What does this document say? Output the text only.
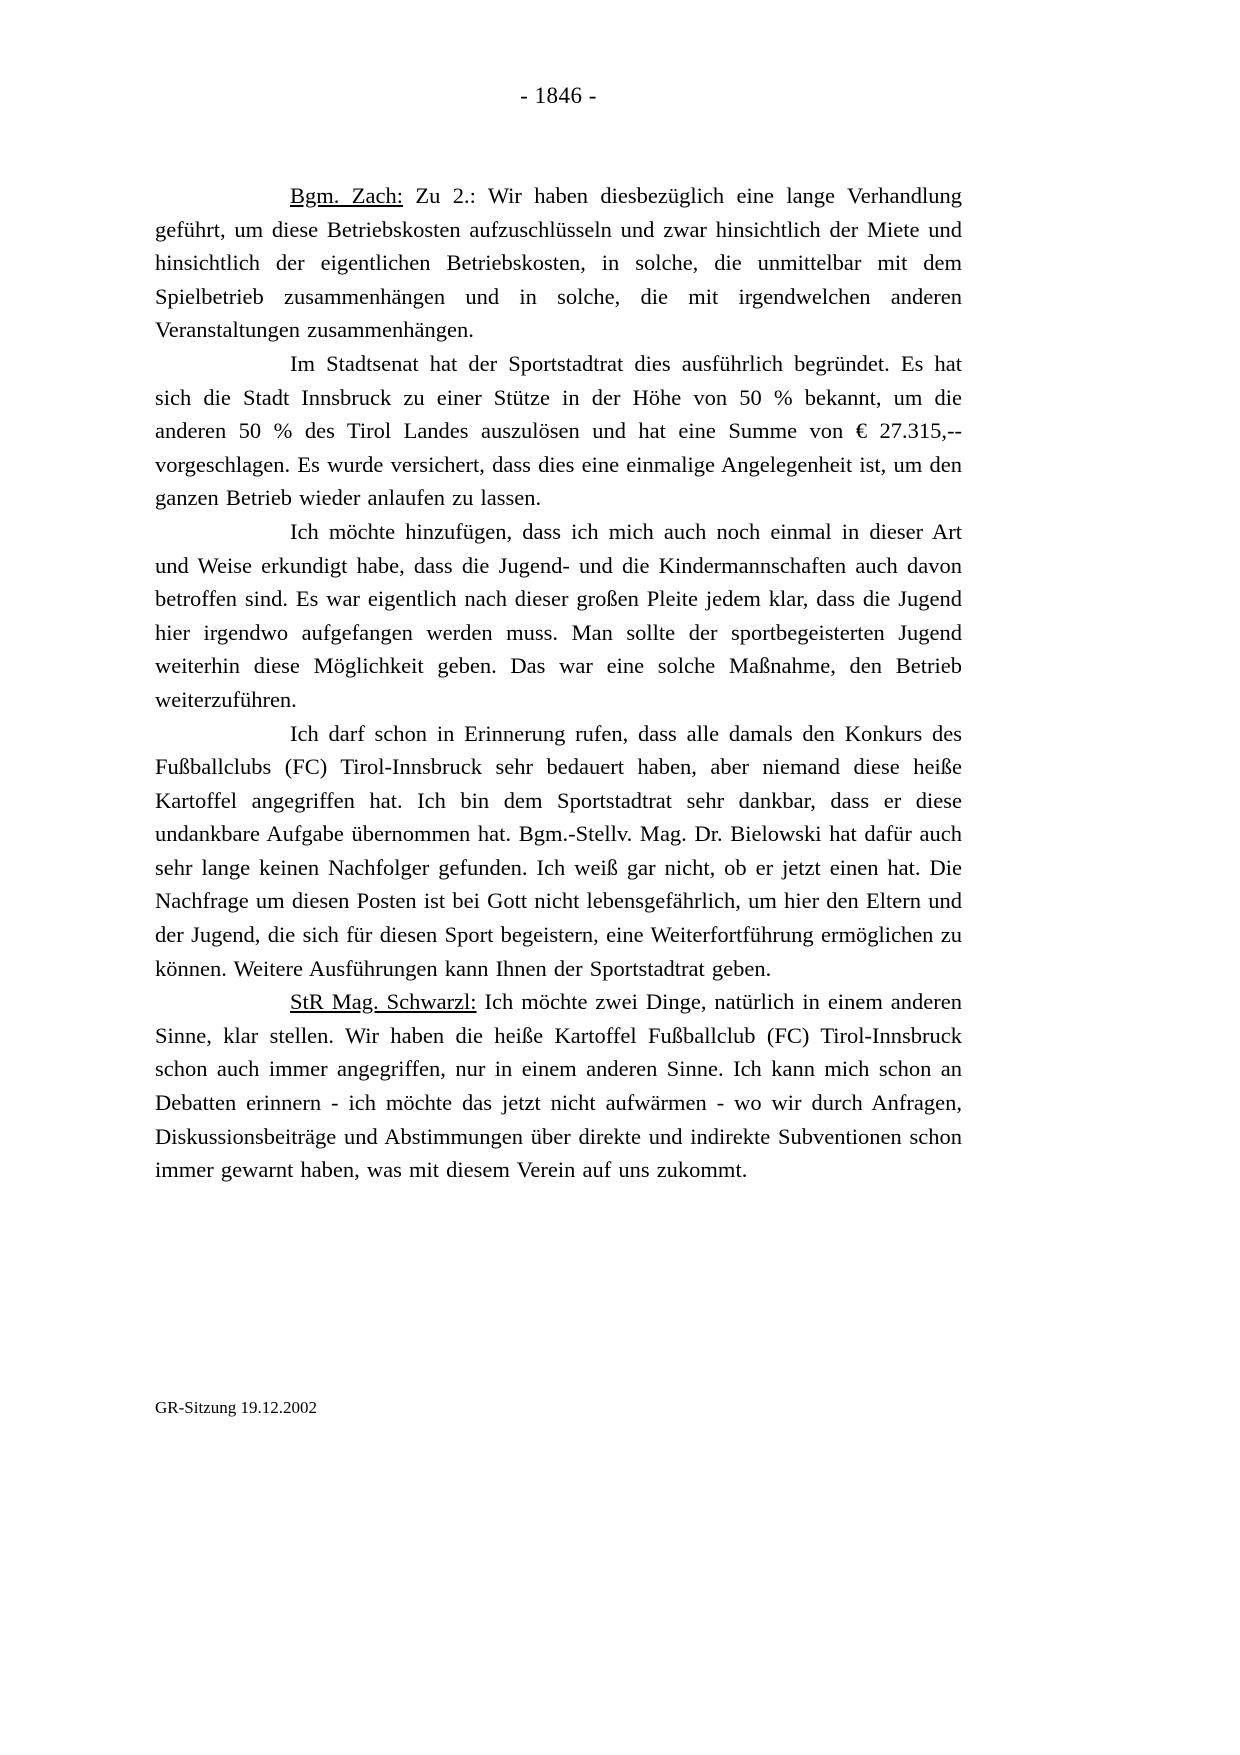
- 1846 -

Bgm. Zach: Zu 2.: Wir haben diesbezüglich eine lange Verhandlung geführt, um diese Betriebskosten aufzuschlüsseln und zwar hinsichtlich der Miete und hinsichtlich der eigentlichen Betriebskosten, in solche, die unmittelbar mit dem Spielbetrieb zusammenhängen und in solche, die mit irgendwelchen anderen Veranstaltungen zusammenhängen.

Im Stadtsenat hat der Sportstadtrat dies ausführlich begründet. Es hat sich die Stadt Innsbruck zu einer Stütze in der Höhe von 50 % bekannt, um die anderen 50 % des Tirol Landes auszulösen und hat eine Summe von € 27.315,-- vorgeschlagen. Es wurde versichert, dass dies eine einmalige Angelegenheit ist, um den ganzen Betrieb wieder anlaufen zu lassen.

Ich möchte hinzufügen, dass ich mich auch noch einmal in dieser Art und Weise erkundigt habe, dass die Jugend- und die Kindermannschaften auch davon betroffen sind. Es war eigentlich nach dieser großen Pleite jedem klar, dass die Jugend hier irgendwo aufgefangen werden muss. Man sollte der sportbegeisterten Jugend weiterhin diese Möglichkeit geben. Das war eine solche Maßnahme, den Betrieb weiterzuführen.

Ich darf schon in Erinnerung rufen, dass alle damals den Konkurs des Fußballclubs (FC) Tirol-Innsbruck sehr bedauert haben, aber niemand diese heiße Kartoffel angegriffen hat. Ich bin dem Sportstadtrat sehr dankbar, dass er diese undankbare Aufgabe übernommen hat. Bgm.-Stellv. Mag. Dr. Bielowski hat dafür auch sehr lange keinen Nachfolger gefunden. Ich weiß gar nicht, ob er jetzt einen hat. Die Nachfrage um diesen Posten ist bei Gott nicht lebensgefährlich, um hier den Eltern und der Jugend, die sich für diesen Sport begeistern, eine Weiterfortführung ermöglichen zu können. Weitere Ausführungen kann Ihnen der Sportstadtrat geben.

StR Mag. Schwarzl: Ich möchte zwei Dinge, natürlich in einem anderen Sinne, klar stellen. Wir haben die heiße Kartoffel Fußballclub (FC) Tirol-Innsbruck schon auch immer angegriffen, nur in einem anderen Sinne. Ich kann mich schon an Debatten erinnern - ich möchte das jetzt nicht aufwärmen - wo wir durch Anfragen, Diskussionsbeiträge und Abstimmungen über direkte und indirekte Subventionen schon immer gewarnt haben, was mit diesem Verein auf uns zukommt.

GR-Sitzung 19.12.2002
